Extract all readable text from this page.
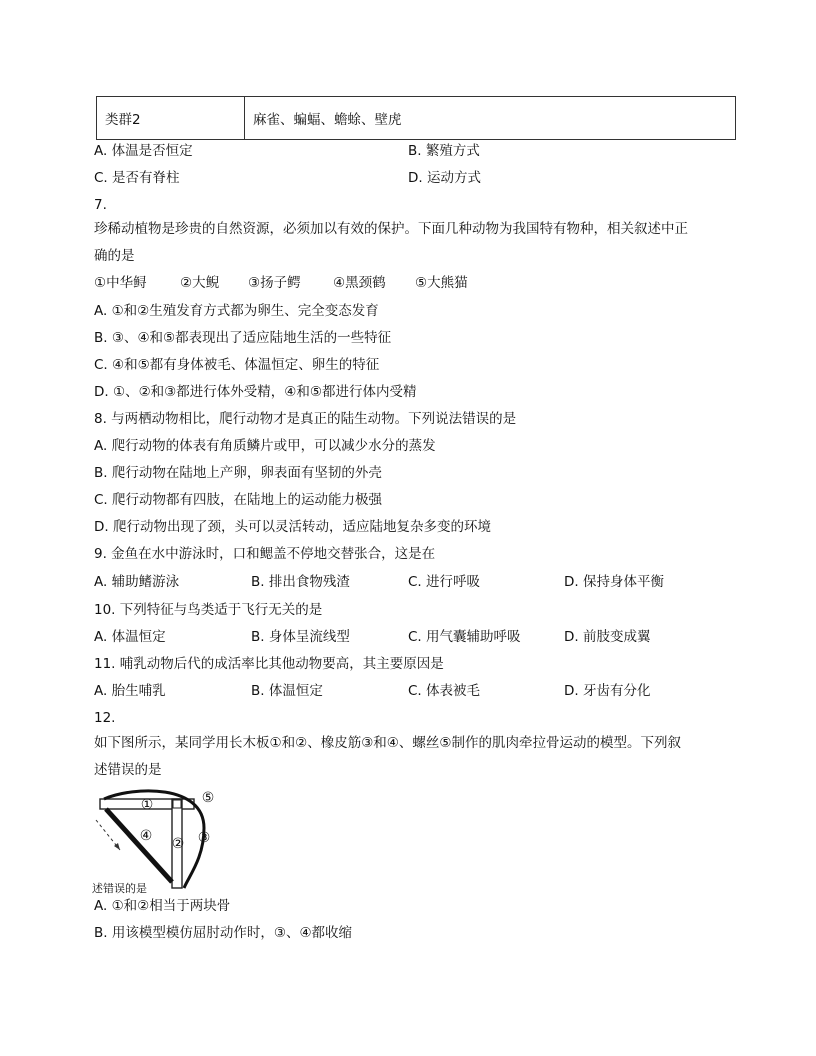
类群2	麻雀、蝙蝠、蟾蜍、壁虎
A. 体温是否恒定	B. 繁殖方式
C. 是否有脊柱	D. 运动方式
7.
珍稀动植物是珍贵的自然资源，必须加以有效的保护。下面几种动物为我国特有物种，相关叙述中正
确的是
①中华鲟 ②大鲵 ③扬子鳄 ④黑颈鹤 ⑤大熊猫
A. ①和②生殖发育方式都为卵生、完全变态发育
B. ③、④和⑤都表现出了适应陆地生活的一些特征
C. ④和⑤都有身体被毛、体温恒定、卵生的特征
D. ①、②和③都进行体外受精，④和⑤都进行体内受精
8. 与两栖动物相比，爬行动物才是真正的陆生动物。下列说法错误的是
A. 爬行动物的体表有角质鳞片或甲，可以减少水分的蒸发
B. 爬行动物在陆地上产卵，卵表面有坚韧的外壳
C. 爬行动物都有四肢，在陆地上的运动能力极强
D. 爬行动物出现了颈，头可以灵活转动，适应陆地复杂多变的环境
9. 金鱼在水中游泳时，口和鳃盖不停地交替张合，这是在
A. 辅助鳍游泳	B. 排出食物残渣	C. 进行呼吸	D. 保持身体平衡
10. 下列特征与鸟类适于飞行无关的是
A. 体温恒定	B. 身体呈流线型	C. 用气囊辅助呼吸	D. 前肢变成翼
11. 哺乳动物后代的成活率比其他动物要高，其主要原因是
A. 胎生哺乳	B. 体温恒定	C. 体表被毛	D. 牙齿有分化
12.
如下图所示，某同学用长木板①和②、橡皮筋③和④、螺丝⑤制作的肌肉牵拉骨运动的模型。下列叙
述错误的是
①
② ③
④
⑤
述错误的是
A. ①和②相当于两块骨
B. 用该模型模仿屈肘动作时，③、④都收缩
